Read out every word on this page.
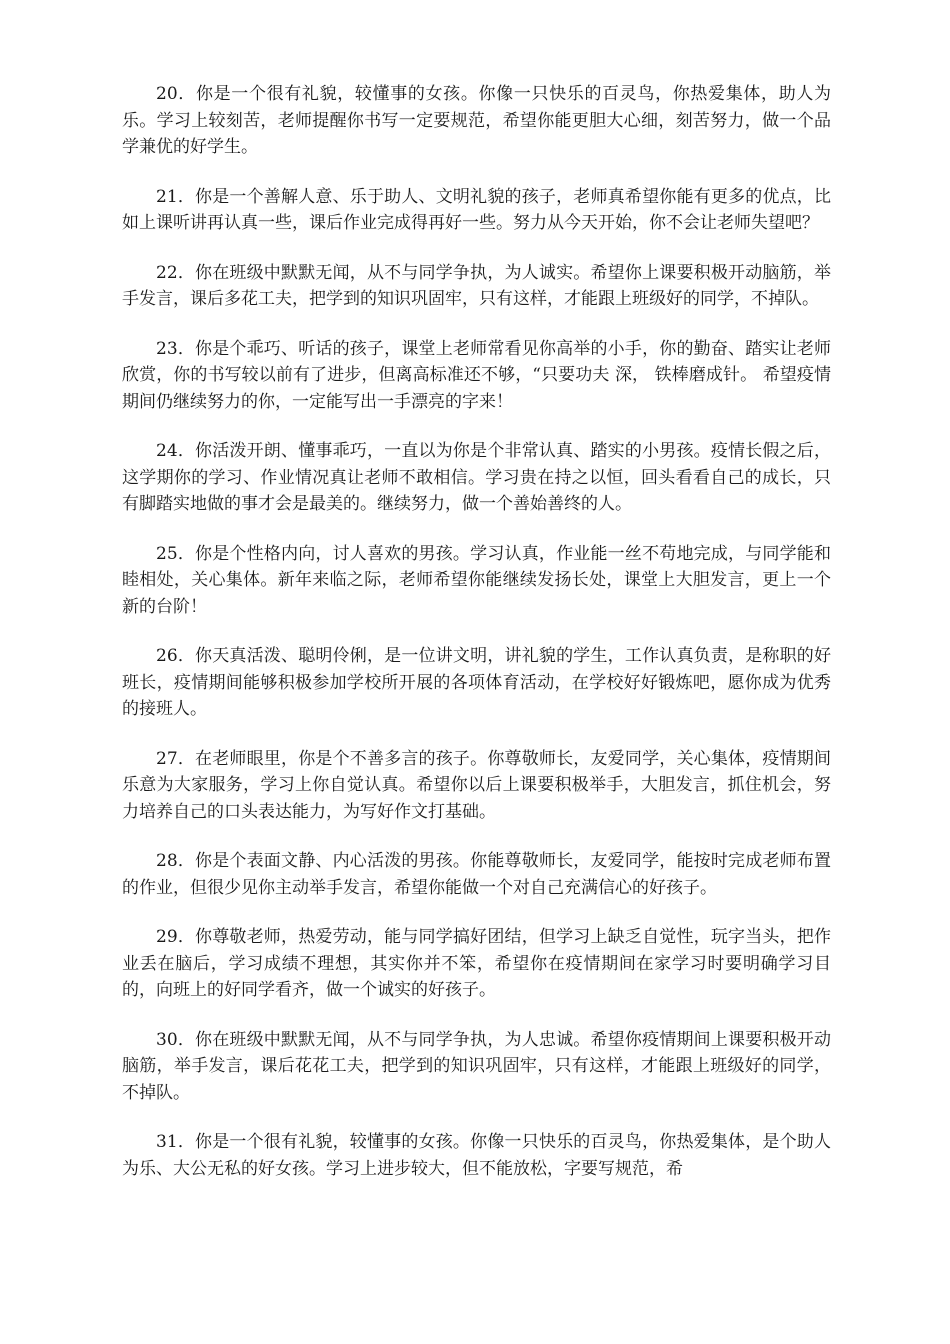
20．你是一个很有礼貌，较懂事的女孩。你像一只快乐的百灵鸟，你热爱集体，助人为乐。学习上较刻苦，老师提醒你书写一定要规范，希望你能更胆大心细，刻苦努力，做一个品学兼优的好学生。

21．你是一个善解人意、乐于助人、文明礼貌的孩子，老师真希望你能有更多的优点，比如上课听讲再认真一些，课后作业完成得再好一些。努力从今天开始，你不会让老师失望吧？

22．你在班级中默默无闻，从不与同学争执，为人诚实。希望你上课要积极开动脑筋，举手发言，课后多花工夫，把学到的知识巩固牢，只有这样，才能跟上班级好的同学，不掉队。

23．你是个乖巧、听话的孩子，课堂上老师常看见你高举的小手，你的勤奋、踏实让老师欣赏，你的书写较以前有了进步，但离高标准还不够，“只要功夫 深， 铁棒磨成针。 希望疫情期间仍继续努力的你，一定能写出一手漂亮的字来！

24．你活泼开朗、懂事乖巧，一直以为你是个非常认真、踏实的小男孩。疫情长假之后，这学期你的学习、作业情况真让老师不敢相信。学习贵在持之以恒，回头看看自己的成长，只有脚踏实地做的事才会是最美的。继续努力，做一个善始善终的人。

25．你是个性格内向，讨人喜欢的男孩。学习认真，作业能一丝不苟地完成，与同学能和睦相处，关心集体。新年来临之际，老师希望你能继续发扬长处，课堂上大胆发言，更上一个新的台阶！

26．你天真活泼、聪明伶俐，是一位讲文明，讲礼貌的学生，工作认真负责，是称职的好班长，疫情期间能够积极参加学校所开展的各项体育活动，在学校好好锻炼吧，愿你成为优秀的接班人。

27．在老师眼里，你是个不善多言的孩子。你尊敬师长，友爱同学，关心集体，疫情期间乐意为大家服务，学习上你自觉认真。希望你以后上课要积极举手，大胆发言，抓住机会，努力培养自己的口头表达能力，为写好作文打基础。

28．你是个表面文静、内心活泼的男孩。你能尊敬师长，友爱同学，能按时完成老师布置的作业，但很少见你主动举手发言，希望你能做一个对自己充满信心的好孩子。

29．你尊敬老师，热爱劳动，能与同学搞好团结，但学习上缺乏自觉性，玩字当头，把作业丢在脑后，学习成绩不理想，其实你并不笨，希望你在疫情期间在家学习时要明确学习目的，向班上的好同学看齐，做一个诚实的好孩子。

30．你在班级中默默无闻，从不与同学争执，为人忠诚。希望你疫情期间上课要积极开动脑筋，举手发言，课后花花工夫，把学到的知识巩固牢，只有这样，才能跟上班级好的同学，不掉队。

31．你是一个很有礼貌，较懂事的女孩。你像一只快乐的百灵鸟，你热爱集体，是个助人为乐、大公无私的好女孩。学习上进步较大，但不能放松，字要写规范，希
